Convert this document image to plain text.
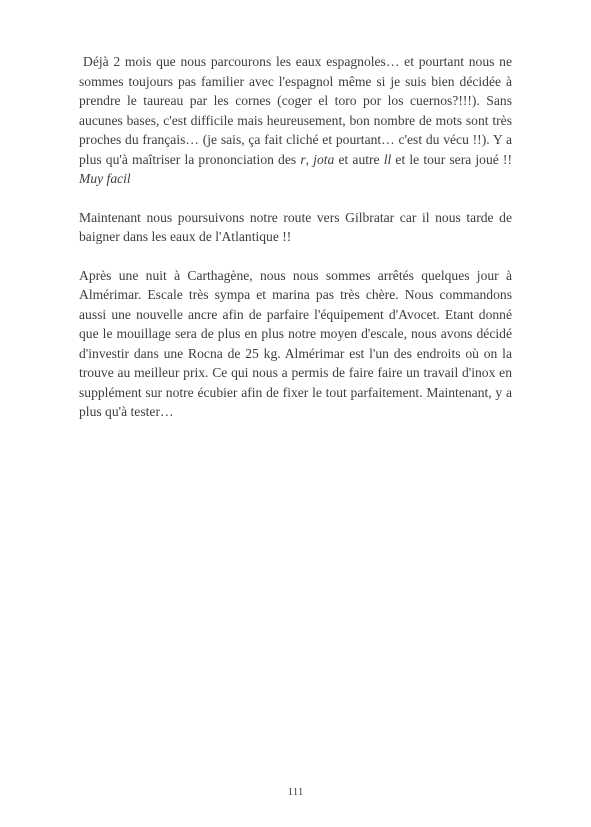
Déjà 2 mois que nous parcourons les eaux espagnoles… et pourtant nous ne sommes toujours pas familier avec l'espagnol même si je suis bien décidée à prendre le taureau par les cornes (coger el toro por los cuernos?!!!). Sans aucunes bases, c'est difficile mais heureusement, bon nombre de mots sont très proches du français… (je sais, ça fait cliché et pourtant… c'est du vécu !!). Y a plus qu'à maîtriser la prononciation des r, jota et autre ll et le tour sera joué !! Muy facil

Maintenant nous poursuivons notre route vers Gilbratar car il nous tarde de baigner dans les eaux de l'Atlantique !!

Après une nuit à Carthagène, nous nous sommes arrêtés quelques jour à Almérimar. Escale très sympa et marina pas très chère. Nous commandons aussi une nouvelle ancre afin de parfaire l'équipement d'Avocet. Etant donné que le mouillage sera de plus en plus notre moyen d'escale, nous avons décidé d'investir dans une Rocna de 25 kg. Almérimar est l'un des endroits où on la trouve au meilleur prix. Ce qui nous a permis de faire faire un travail d'inox en supplément sur notre écubier afin de fixer le tout parfaitement. Maintenant, y a plus qu'à tester…

111
